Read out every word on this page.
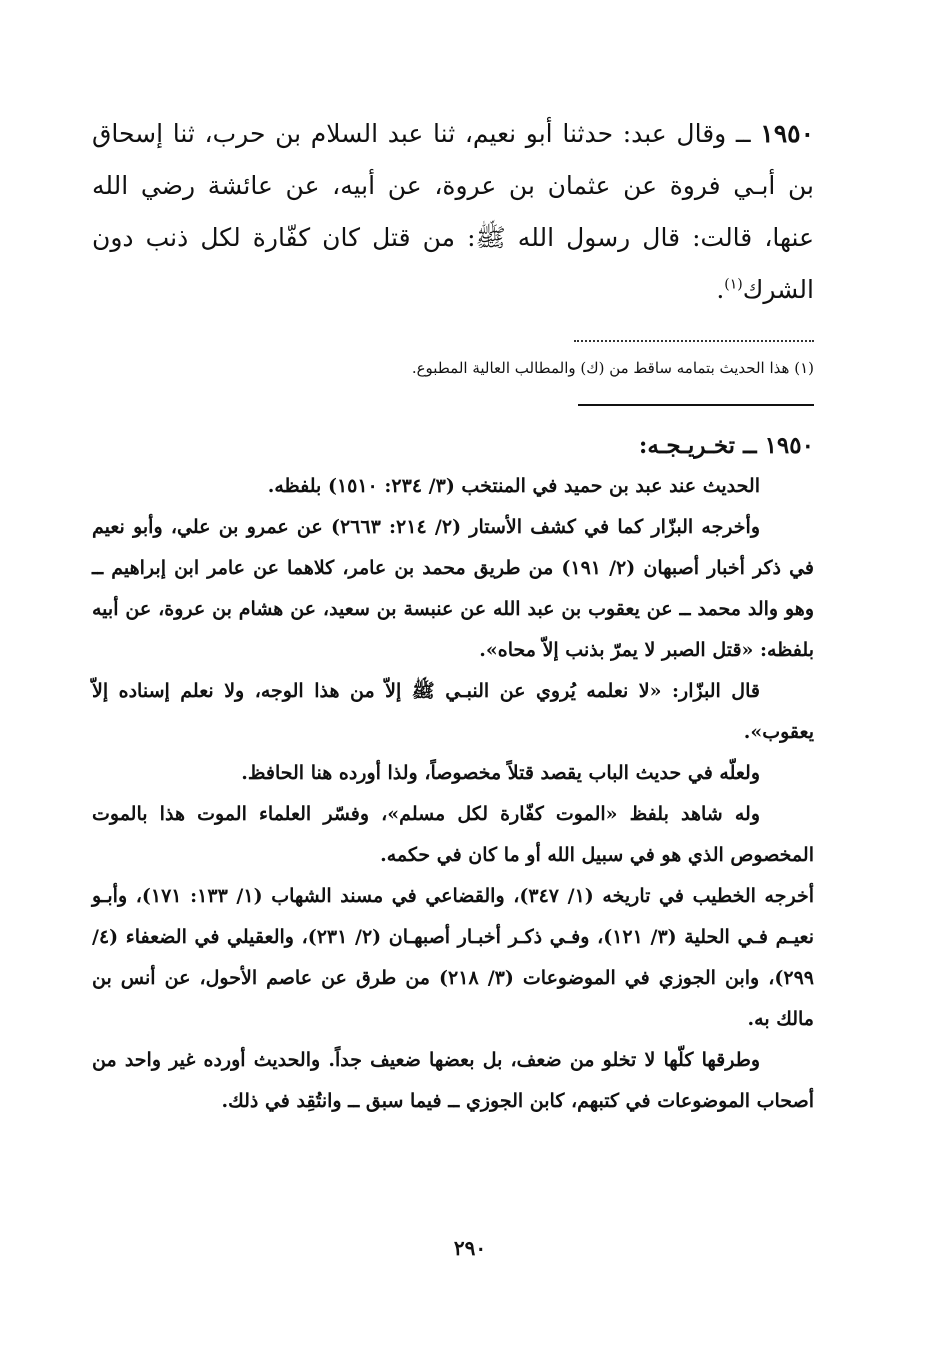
١٩٥٠ ــ وقال عبد: حدثنا أبو نعيم، ثنا عبد السلام بن حرب، ثنا إسحاق بن أبـي فروة عن عثمان بن عروة، عن أبيه، عن عائشة رضي الله عنها، قالت: قال رسول الله ﷺ: من قتل كان كفّارة لكل ذنب دون الشرك$^{(١)}$.

(١) هذا الحديث بتمامه ساقط من (ك) والمطالب العالية المطبوع.

١٩٥٠ ــ تخـريـجـه:

الحديث عند عبد بن حميد في المنتخب (٣/ ٢٣٤: ١٥١٠) بلفظه.

وأخرجه البزّار كما في كشف الأستار (٢/ ٢١٤: ٢٦٦٣) عن عمرو بن علي، وأبو نعيم في ذكر أخبار أصبهان (٢/ ١٩١) من طريق محمد بن عامر، كلاهما عن عامر ابن إبراهيم ــ وهو والد محمد ــ عن يعقوب بن عبد الله عن عنبسة بن سعيد، عن هشام بن عروة، عن أبيه بلفظه: «قتل الصبر لا يمرّ بذنب إلاّ محاه».

قال البزّار: «لا نعلمه يُروي عن النبـي ﷺ إلاّ من هذا الوجه، ولا نعلم إسناده إلاّ يعقوب».

ولعلّه في حديث الباب يقصد قتلاً مخصوصاً، ولذا أورده هنا الحافظ.

وله شاهد بلفظ «الموت كفّارة لكل مسلم»، وفسّر العلماء الموت هذا بالموت المخصوص الذي هو في سبيل الله أو ما كان في حكمه.

أخرجه الخطيب في تاريخه (١/ ٣٤٧)، والقضاعي في مسند الشهاب (١/ ١٣٣: ١٧١)، وأبـو نعيـم فـي الحلية (٣/ ١٢١)، وفـي ذكـر أخبـار أصبهـان (٢/ ٢٣١)، والعقيلي في الضعفاء (٤/ ٢٩٩)، وابن الجوزي في الموضوعات (٣/ ٢١٨) من طرق عن عاصم الأحول، عن أنس بن مالك به.

وطرقها كلّها لا تخلو من ضعف، بل بعضها ضعيف جداً. والحديث أورده غير واحد من أصحاب الموضوعات في كتبهم، كابن الجوزي ــ فيما سبق ــ وانتُقِد في ذلك.

٢٩٠
